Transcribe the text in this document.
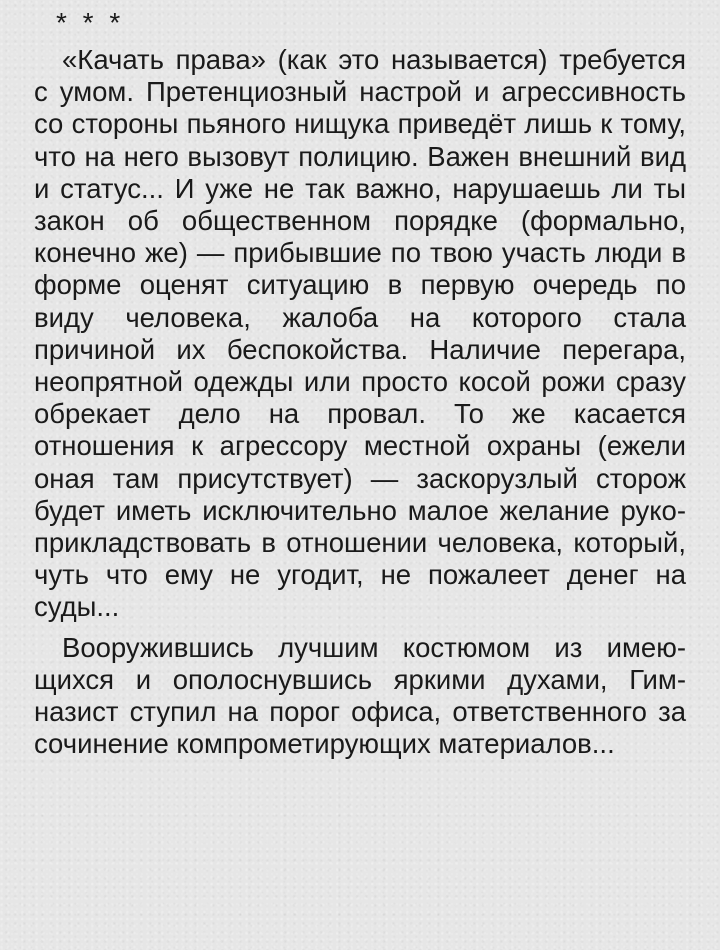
* * *

«Качать права» (как это называется) требуется с умом. Претенциозный настрой и агрессивность со стороны пьяного нищука приведёт лишь к тому, что на него вызовут полицию. Важен внешний вид и статус... И уже не так важно, нарушаешь ли ты закон об общественном порядке (формально, конечно же) — прибывшие по твою участь люди в форме оценят ситуацию в первую очередь по виду человека, жалоба на которого стала причиной их беспокойства. Наличие перегара, неопрятной одежды или просто косой рожи сразу обрекает дело на провал. То же касается отношения к агрессору местной охраны (ежели оная там присутствует) — заскорузлый сторож будет иметь исключительно малое желание рукоприкладствовать в отношении человека, который, чуть что ему не угодит, не пожалеет денег на суды...

Вооружившись лучшим костюмом из имеющихся и ополоснувшись яркими духами, Гимназист ступил на порог офиса, ответственного за сочинение компрометирующих материалов...
